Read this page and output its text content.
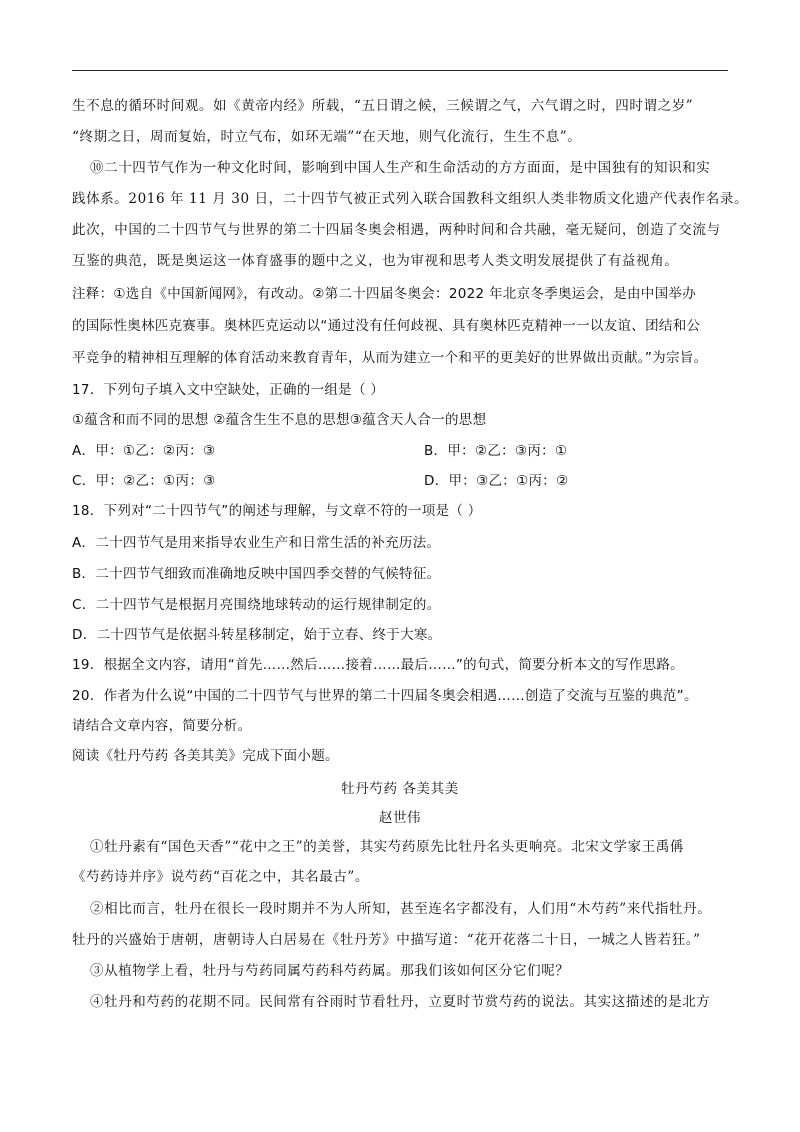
生不息的循环时间观。如《黄帝内经》所载，“五日谓之候，三候谓之气，六气谓之时，四时谓之岁”
“终期之日，周而复始，时立气布，如环无端”“在天地，则气化流行，生生不息”。
⑩二十四节气作为一种文化时间，影响到中国人生产和生命活动的方方面面，是中国独有的知识和实
践体系。2016 年 11 月 30 日，二十四节气被正式列入联合国教科文组织人类非物质文化遗产代表作名录。
此次，中国的二十四节气与世界的第二十四届冬奥会相遇，两种时间和合共融，毫无疑问，创造了交流与
互鉴的典范，既是奥运这一体育盛事的题中之义，也为审视和思考人类文明发展提供了有益视角。
注释：①选自《中国新闻网》，有改动。②第二十四届冬奥会：2022 年北京冬季奥运会，是由中国举办
的国际性奥林匹克赛事。奥林匹克运动以“通过没有任何歧视、具有奥林匹克精神一一以友谊、团结和公
平竞争的精神相互理解的体育活动来教育青年，从而为建立一个和平的更美好的世界做出贡献。”为宗旨。
17．下列句子填入文中空缺处，正确的一组是（ ）
①蕴含和而不同的思想 ②蕴含生生不息的思想③蕴含天人合一的思想
A．甲：①乙：②丙：③	B．甲：②乙：③丙：①
C．甲：②乙：①丙：③	D．甲：③乙：①丙：②
18．下列对“二十四节气”的阐述与理解，与文章不符的一项是（ ）
A．二十四节气是用来指导农业生产和日常生活的补充历法。
B．二十四节气细致而准确地反映中国四季交替的气候特征。
C．二十四节气是根据月亮围绕地球转动的运行规律制定的。
D．二十四节气是依据斗转星移制定，始于立春、终于大寒。
19．根据全文内容，请用“首先……然后……接着……最后……”的句式，简要分析本文的写作思路。
20．作者为什么说“中国的二十四节气与世界的第二十四届冬奥会相遇……创造了交流与互鉴的典范”。
请结合文章内容，简要分析。
阅读《牡丹芍药 各美其美》完成下面小题。
牡丹芍药 各美其美
赵世伟
①牡丹素有“国色天香”“花中之王”的美誉，其实芍药原先比牡丹名头更响亮。北宋文学家王禹偁
《芍药诗并序》说芍药“百花之中，其名最古”。
②相比而言，牡丹在很长一段时期并不为人所知，甚至连名字都没有，人们用“木芍药”来代指牡丹。
牡丹的兴盛始于唐朝，唐朝诗人白居易在《牡丹芳》中描写道：“花开花落二十日，一城之人皆若狂。”
③从植物学上看，牡丹与芍药同属芍药科芍药属。那我们该如何区分它们呢？
④牡丹和芍药的花期不同。民间常有谷雨时节看牡丹，立夏时节赏芍药的说法。其实这描述的是北方
